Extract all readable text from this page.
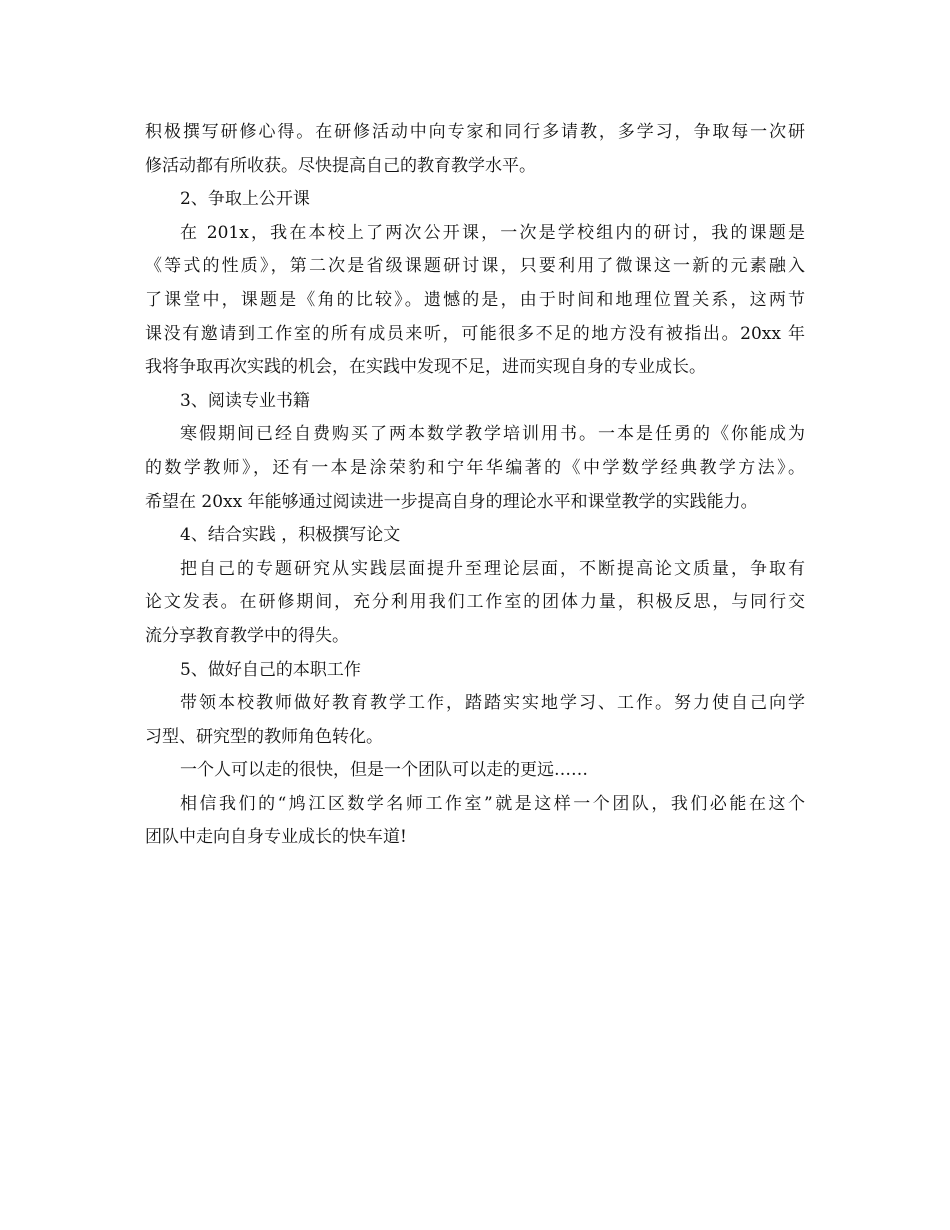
积极撰写研修心得。在研修活动中向专家和同行多请教，多学习，争取每一次研
修活动都有所收获。尽快提高自己的教育教学水平。
2、争取上公开课
在 201x，我在本校上了两次公开课，一次是学校组内的研讨，我的课题是
《等式的性质》，第二次是省级课题研讨课，只要利用了微课这一新的元素融入
了课堂中，课题是《角的比较》。遗憾的是，由于时间和地理位置关系，这两节
课没有邀请到工作室的所有成员来听，可能很多不足的地方没有被指出。20xx 年
我将争取再次实践的机会，在实践中发现不足，进而实现自身的专业成长。
3、阅读专业书籍
寒假期间已经自费购买了两本数学教学培训用书。一本是任勇的《你能成为
的数学教师》，还有一本是涂荣豹和宁年华编著的《中学数学经典教学方法》。
希望在 20xx 年能够通过阅读进一步提高自身的理论水平和课堂教学的实践能力。
4、结合实践 ，积极撰写论文
把自己的专题研究从实践层面提升至理论层面，不断提高论文质量，争取有
论文发表。在研修期间，充分利用我们工作室的团体力量，积极反思，与同行交
流分享教育教学中的得失。
5、做好自己的本职工作
带领本校教师做好教育教学工作，踏踏实实地学习、工作。努力使自己向学
习型、研究型的教师角色转化。
一个人可以走的很快，但是一个团队可以走的更远……
相信我们的“鸠江区数学名师工作室”就是这样一个团队，我们必能在这个
团队中走向自身专业成长的快车道!
